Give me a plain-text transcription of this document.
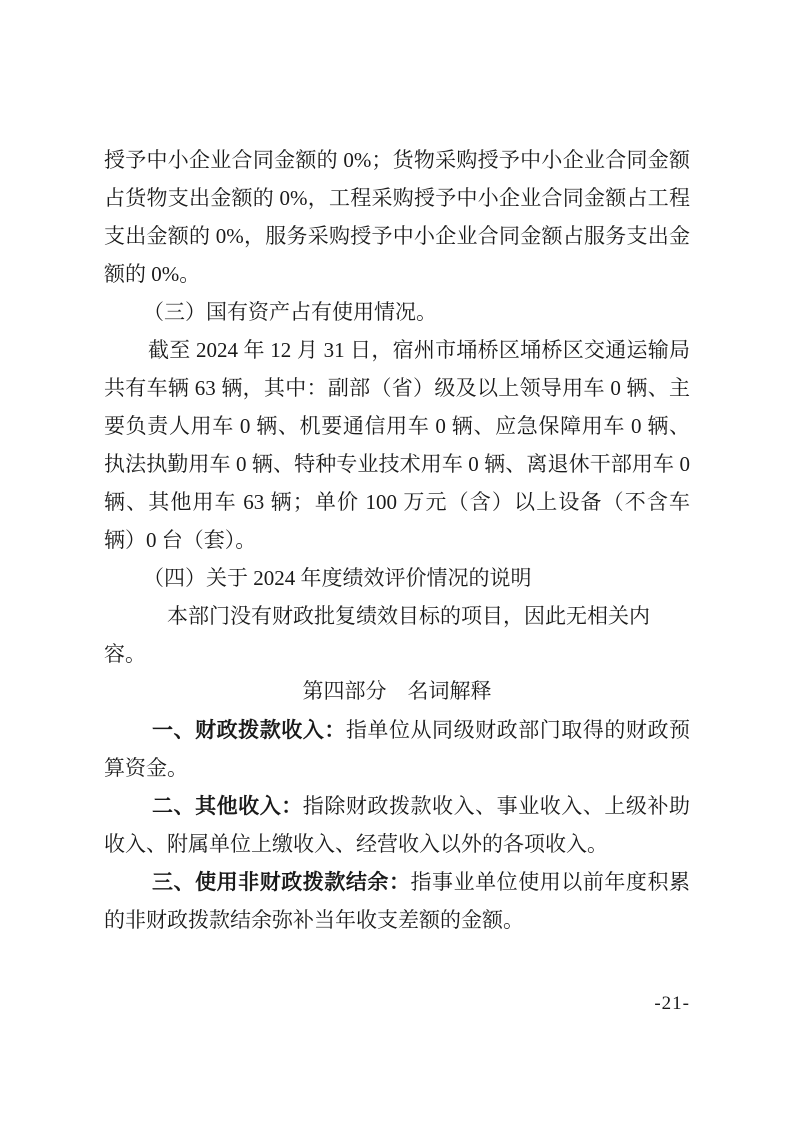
授予中小企业合同金额的 0%；货物采购授予中小企业合同金额占货物支出金额的 0%，工程采购授予中小企业合同金额占工程支出金额的 0%，服务采购授予中小企业合同金额占服务支出金额的 0%。

（三）国有资产占有使用情况。

截至 2024 年 12 月 31 日，宿州市埇桥区埇桥区交通运输局共有车辆 63 辆，其中：副部（省）级及以上领导用车 0 辆、主要负责人用车 0 辆、机要通信用车 0 辆、应急保障用车 0 辆、执法执勤用车 0 辆、特种专业技术用车 0 辆、离退休干部用车 0 辆、其他用车 63 辆；单价 100 万元（含）以上设备（不含车辆）0 台（套）。

（四）关于 2024 年度绩效评价情况的说明

本部门没有财政批复绩效目标的项目，因此无相关内容。

第四部分　名词解释

一、财政拨款收入：指单位从同级财政部门取得的财政预算资金。

二、其他收入：指除财政拨款收入、事业收入、上级补助收入、附属单位上缴收入、经营收入以外的各项收入。

三、使用非财政拨款结余：指事业单位使用以前年度积累的非财政拨款结余弥补当年收支差额的金额。

-21-
